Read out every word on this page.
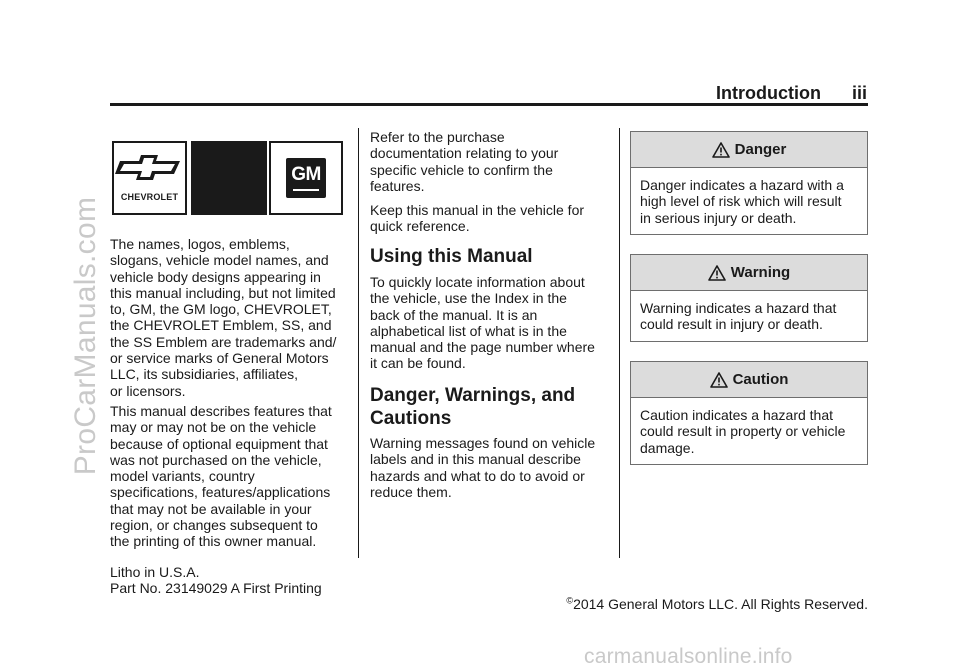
ProCarManuals.com
Introduction iii
CHEVROLET
GM
The names, logos, emblems,
slogans, vehicle model names, and
vehicle body designs appearing in
this manual including, but not limited
to, GM, the GM logo, CHEVROLET,
the CHEVROLET Emblem, SS, and
the SS Emblem are trademarks and/
or service marks of General Motors
LLC, its subsidiaries, affiliates,
or licensors.
This manual describes features that
may or may not be on the vehicle
because of optional equipment that
was not purchased on the vehicle,
model variants, country
specifications, features/applications
that may not be available in your
region, or changes subsequent to
the printing of this owner manual.
Refer to the purchase
documentation relating to your
specific vehicle to confirm the
features.
Keep this manual in the vehicle for
quick reference.
Using this Manual
To quickly locate information about
the vehicle, use the Index in the
back of the manual. It is an
alphabetical list of what is in the
manual and the page number where
it can be found.
Danger, Warnings, and
Cautions
Warning messages found on vehicle
labels and in this manual describe
hazards and what to do to avoid or
reduce them.
Danger
Danger indicates a hazard with a
high level of risk which will result
in serious injury or death.
Warning
Warning indicates a hazard that
could result in injury or death.
Caution
Caution indicates a hazard that
could result in property or vehicle
damage.
Litho in U.S.A.
Part No. 23149029 A First Printing

©2014 General Motors LLC. All Rights Reserved.

carmanualsonline.info
